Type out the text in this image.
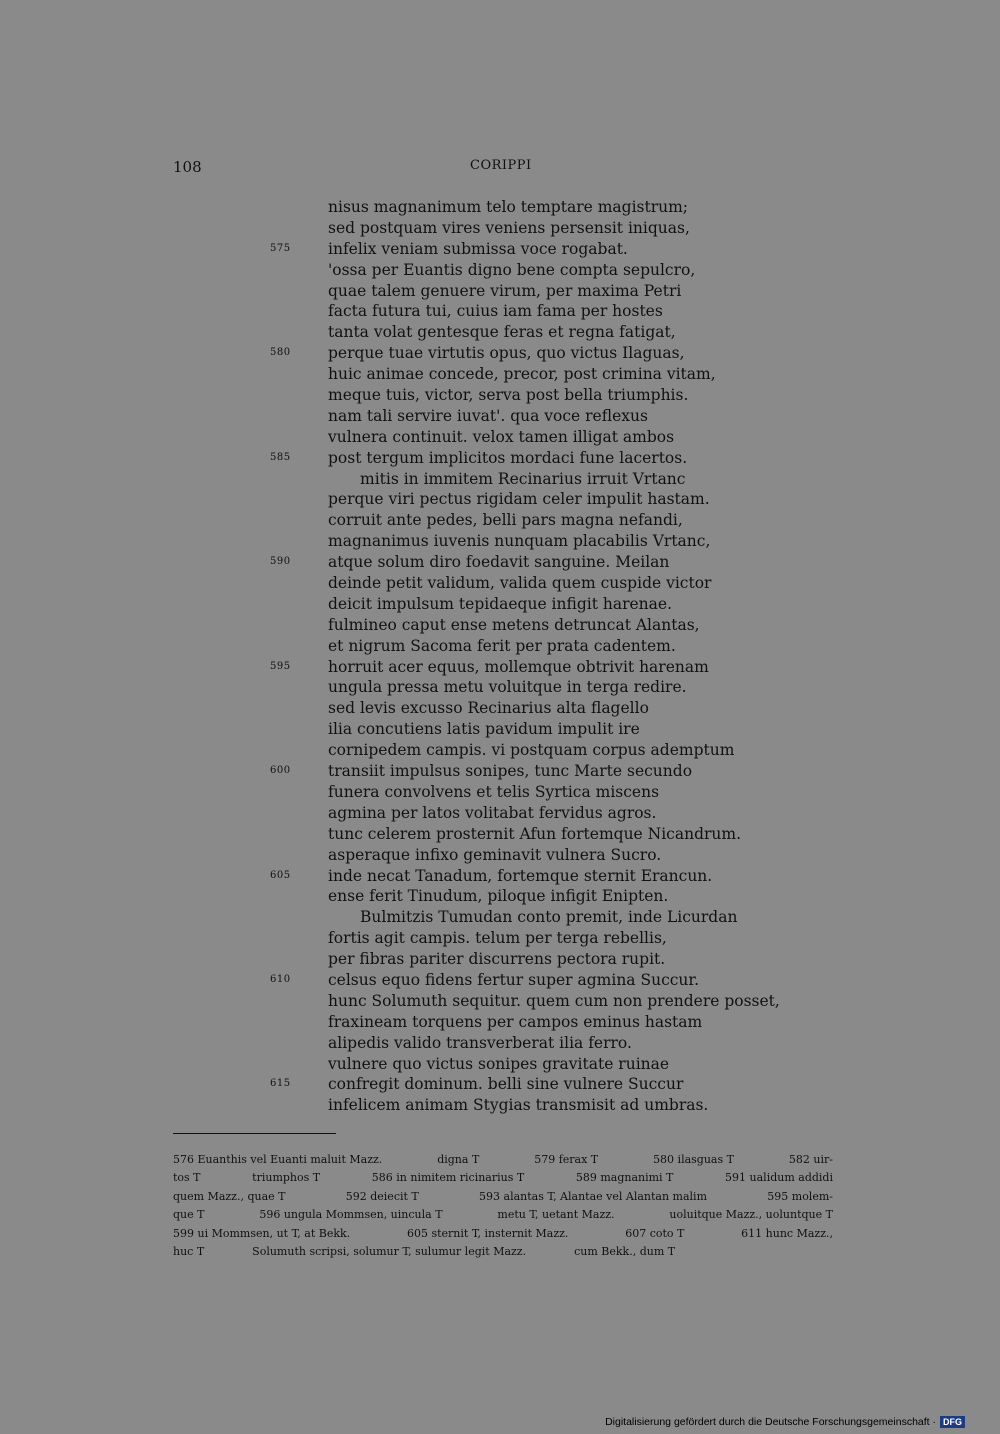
108	CORIPPI
nisus magnanimum telo temptare magistrum;
sed postquam vires veniens persensit iniquas,
575 infelix veniam submissa voce rogabat.
'ossa per Euantis digno bene compta sepulcro,
quae talem genuere virum, per maxima Petri
facta futura tui, cuius iam fama per hostes
tanta volat gentesque feras et regna fatigat,
580 perque tuae virtutis opus, quo victus Ilaguas,
huic animae concede, precor, post crimina vitam,
meque tuis, victor, serva post bella triumphis.
nam tali servire iuvat'. qua voce reflexus
vulnera continuit. velox tamen illigat ambos
585 post tergum implicitos mordaci fune lacertos.
mitis in immitem Recinarius irruit Vrtanc
perque viri pectus rigidam celer impulit hastam.
corruit ante pedes, belli pars magna nefandi,
magnanimus iuvenis nunquam placabilis Vrtanc,
590 atque solum diro foedavit sanguine. Meilan
deinde petit validum, valida quem cuspide victor
deicit impulsum tepidaeque infigit harenae.
fulmineo caput ense metens detruncat Alantas,
et nigrum Sacoma ferit per prata cadentem.
595 horruit acer equus, mollemque obtrivit harenam
ungula pressa metu voluitque in terga redire.
sed levis excusso Recinarius alta flagello
ilia concutiens latis pavidum impulit ire
cornipedem campis. vi postquam corpus ademptum
600 transiit impulsus sonipes, tunc Marte secundo
funera convolvens et telis Syrtica miscens
agmina per latos volitabat fervidus agros.
tunc celerem prosternit Afun fortemque Nicandrum.
asperaque infixo geminavit vulnera Sucro.
605 inde necat Tanadum, fortemque sternit Erancun.
ense ferit Tinudum, piloque infigit Enipten.
Bulmitzis Tumudan conto premit, inde Licurdan
fortis agit campis. telum per terga rebellis,
per fibras pariter discurrens pectora rupit.
610 celsus equo fidens fertur super agmina Succur.
hunc Solumuth sequitur. quem cum non prendere posset,
fraxineam torquens per campos eminus hastam
alipedis valido transverberat ilia ferro.
vulnere quo victus sonipes gravitate ruinae
615 confregit dominum. belli sine vulnere Succur
infelicem animam Stygias transmisit ad umbras.
576 Euanthis vel Euanti maluit Mazz.	digna T	579 ferax T	580 ilasguas T	582 uir-
tos T	triumphos T	586 in nimitem ricinarius T	589 magnanimi T	591 ualidum addidi
quem Mazz., quae T	592 deiecit T	593 alantas T, Alantae vel Alantan malim	595 molem-
que T	596 ungula Mommsen, uincula T	metu T, uetant Mazz.	uoluitque Mazz., uoluntque T
599 ui Mommsen, ut T, at Bekk.	605 sternit T, insternit Mazz.	607 coto T	611 hunc Mazz.,
huc T	Solumuth scripsi, solumur T, sulumur legit Mazz.	cum Bekk., dum T
Digitalisierung gefördert durch die Deutsche Forschungsgemeinschaft · DFG
